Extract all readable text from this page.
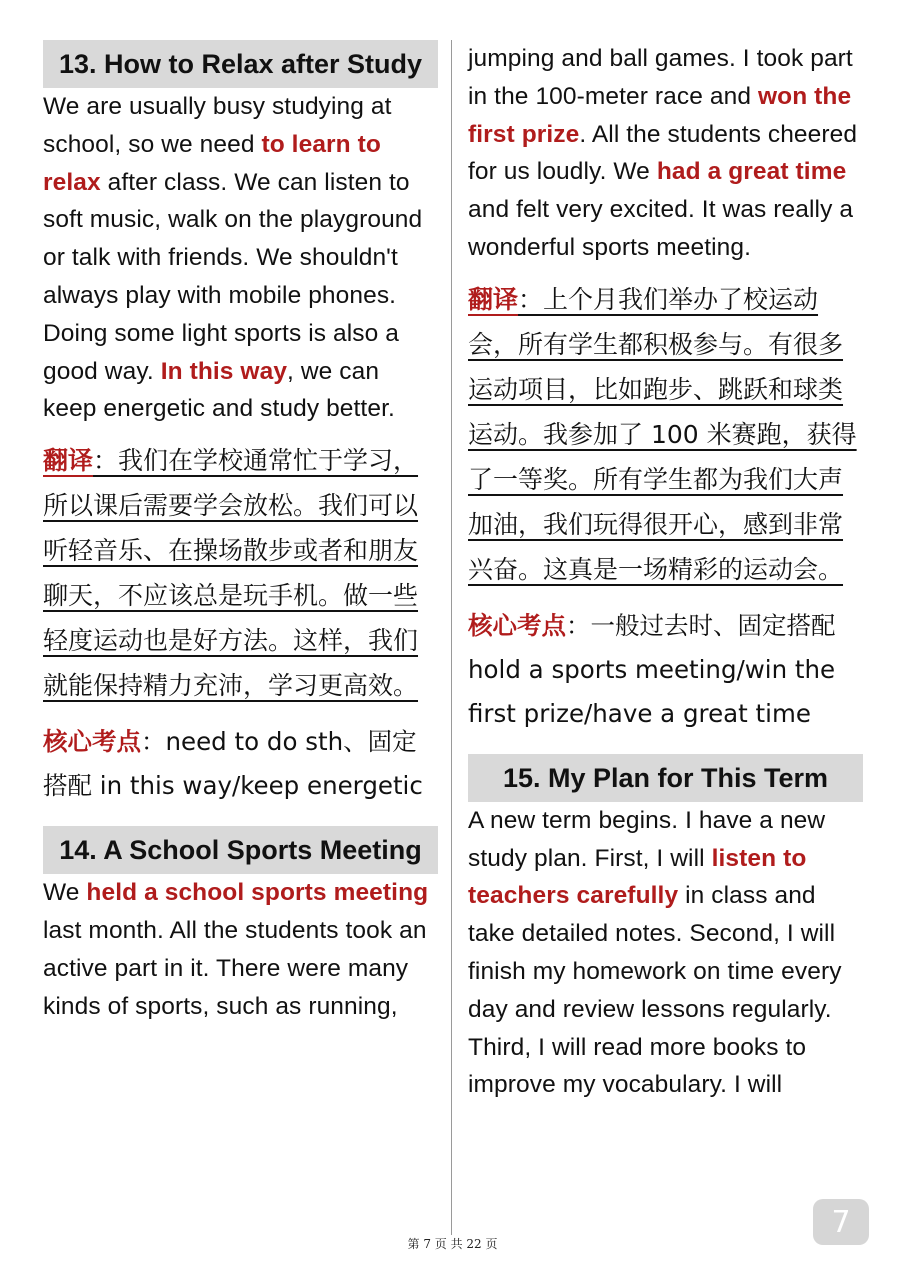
13. How to Relax after Study

We are usually busy studying at school, so we need to learn to relax after class. We can listen to soft music, walk on the playground or talk with friends. We shouldn't always play with mobile phones. Doing some light sports is also a good way. In this way, we can keep energetic and study better.

翻译：我们在学校通常忙于学习，所以课后需要学会放松。我们可以听轻音乐、在操场散步或者和朋友聊天，不应该总是玩手机。做一些轻度运动也是好方法。这样，我们就能保持精力充沛，学习更高效。

核心考点：need to do sth、固定搭配 in this way/keep energetic

14. A School Sports Meeting

We held a school sports meeting last month. All the students took an active part in it. There were many kinds of sports, such as running,

jumping and ball games. I took part in the 100-meter race and won the first prize. All the students cheered for us loudly. We had a great time and felt very excited. It was really a wonderful sports meeting.

翻译：上个月我们举办了校运动会，所有学生都积极参与。有很多运动项目，比如跑步、跳跃和球类运动。我参加了 100 米赛跑，获得了一等奖。所有学生都为我们大声加油，我们玩得很开心，感到非常兴奋。这真是一场精彩的运动会。

核心考点：一般过去时、固定搭配 hold a sports meeting/win the first prize/have a great time

15. My Plan for This Term

A new term begins. I have a new study plan. First, I will listen to teachers carefully in class and take detailed notes. Second, I will finish my homework on time every day and review lessons regularly. Third, I will read more books to improve my vocabulary. I will

7
第 7 页 共 22 页
